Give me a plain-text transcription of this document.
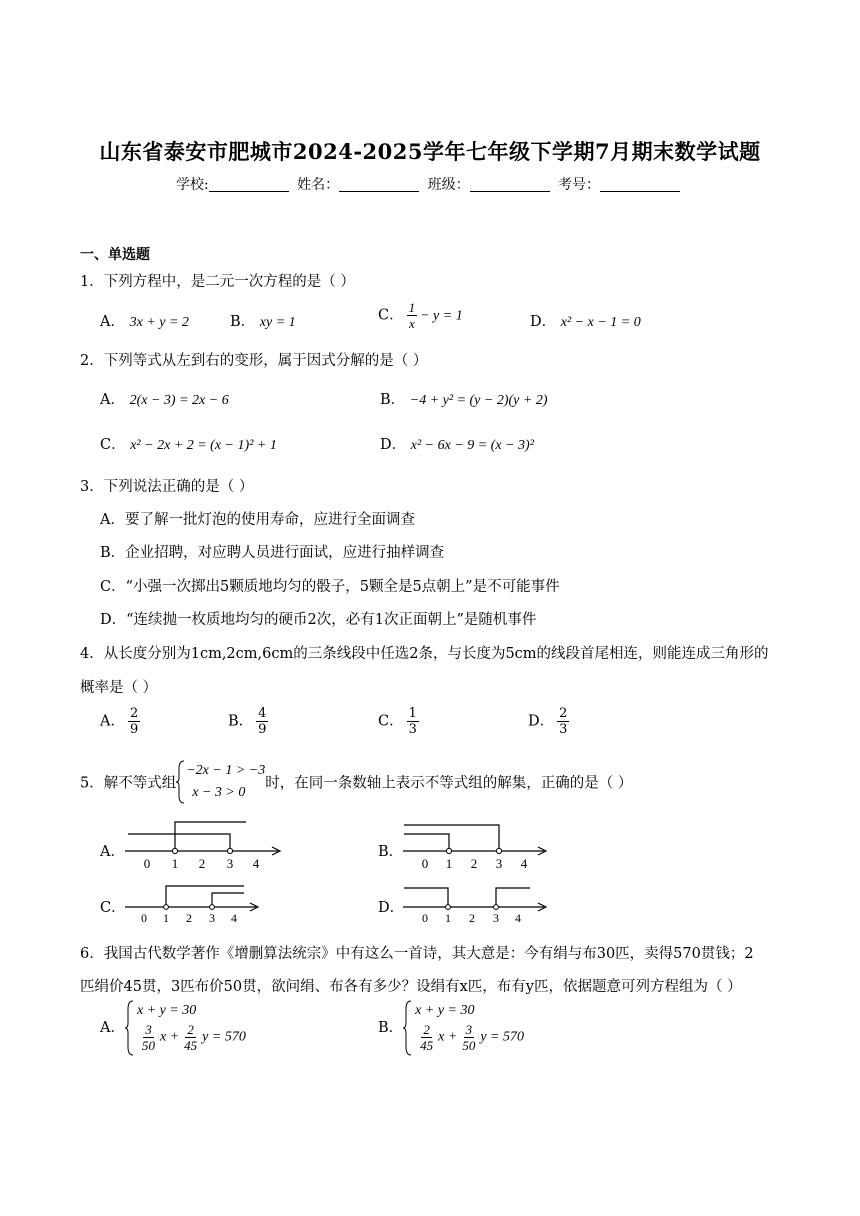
山东省泰安市肥城市2024-2025学年七年级下学期7月期末数学试题
学校:	姓名：	班级：	考号：
一、单选题
1．下列方程中，是二元一次方程的是（ ）
A． 3x + y = 2	B． xy = 1	C． $\frac{1}{x} - y = 1$	D． x² − x − 1 = 0
2．下列等式从左到右的变形，属于因式分解的是（ ）
A． 2(x − 3) = 2x − 6	B． −4 + y² = (y − 2)(y + 2)
C． x² − 2x + 2 = (x − 1)² + 1	D． x² − 6x − 9 = (x − 3)²
3．下列说法正确的是（ ）
A．要了解一批灯泡的使用寿命，应进行全面调查
B．企业招聘，对应聘人员进行面试，应进行抽样调查
C．“小强一次掷出5颗质地均匀的骰子，5颗全是5点朝上”是不可能事件
D．“连续抛一枚质地均匀的硬币2次，必有1次正面朝上”是随机事件
4．从长度分别为1cm,2cm,6cm的三条线段中任选2条，与长度为5cm的线段首尾相连，则能连成三角形的
概率是（ ）
A． $\frac{2}{9}$	B． $\frac{4}{9}$	C． $\frac{1}{3}$	D． $\frac{2}{3}$
5．解不等式组
−2x − 1 > −3
x − 3 > 0
时，在同一条数轴上表示不等式组的解集，正确的是（ ）
A．
0 1 2 3 4
B．
0 1 2 3 4
C．
0 1 2 3 4
D．
0 1 2 3 4
6．我国古代数学著作《增删算法统宗》中有这么一首诗，其大意是：今有绢与布30匹，卖得570贯钱；2
匹绢价45贯，3匹布价50贯，欲问绢、布各有多少？设绢有x匹，布有y匹，依据题意可列方程组为（ ）
A．
x + y = 30
$\frac{3}{50}$ $x + \frac{2}{45}$ y = 570
B．
x + y = 30
$\frac{2}{45}$ $x + \frac{3}{50}$ y = 570
